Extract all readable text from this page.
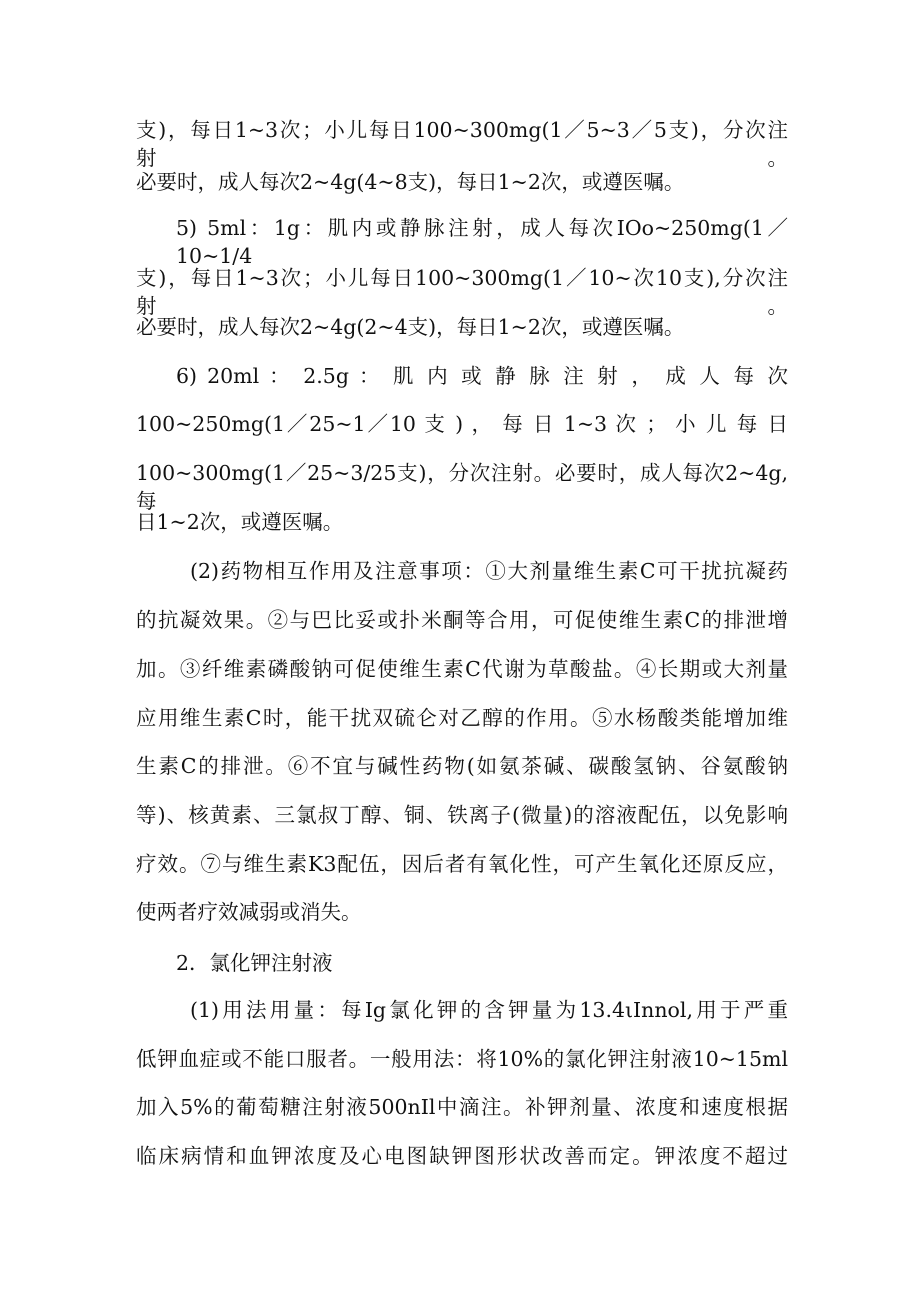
支)，每日1~3次；小儿每日100~300mg(1／5~3／5支)，分次注射。
必要时，成人每次2~4g(4~8支)，每日1~2次，或遵医嘱。
5) 5ml：1g：肌内或静脉注射，成人每次IOo~250mg(1／10~1/4
支)，每日1~3次；小儿每日100~300mg(1／10~次10支),分次注射。
必要时，成人每次2~4g(2~4支)，每日1~2次，或遵医嘱。
6) 20ml ： 2.5g ： 肌 内 或 静 脉 注 射 ， 成 人 每 次
100~250mg(1／25~1／10 支 ) ， 每 日 1~3 次 ； 小 儿 每 日
100~300mg(1／25~3/25支)，分次注射。必要时，成人每次2~4g,每
日1~2次，或遵医嘱。
(2)药物相互作用及注意事项：①大剂量维生素C可干扰抗凝药
的抗凝效果。②与巴比妥或扑米酮等合用，可促使维生素C的排泄增
加。③纤维素磷酸钠可促使维生素C代谢为草酸盐。④长期或大剂量
应用维生素C时，能干扰双硫仑对乙醇的作用。⑤水杨酸类能增加维
生素C的排泄。⑥不宜与碱性药物(如氨茶碱、碳酸氢钠、谷氨酸钠
等)、核黄素、三氯叔丁醇、铜、铁离子(微量)的溶液配伍，以免影响
疗效。⑦与维生素K3配伍，因后者有氧化性，可产生氧化还原反应，
使两者疗效减弱或消失。
2．氯化钾注射液
(1)用法用量：每Ig氯化钾的含钾量为13.4ιInnol,用于严重
低钾血症或不能口服者。一般用法：将10%的氯化钾注射液10~15ml
加入5%的葡萄糖注射液500nIl中滴注。补钾剂量、浓度和速度根据
临床病情和血钾浓度及心电图缺钾图形状改善而定。钾浓度不超过
